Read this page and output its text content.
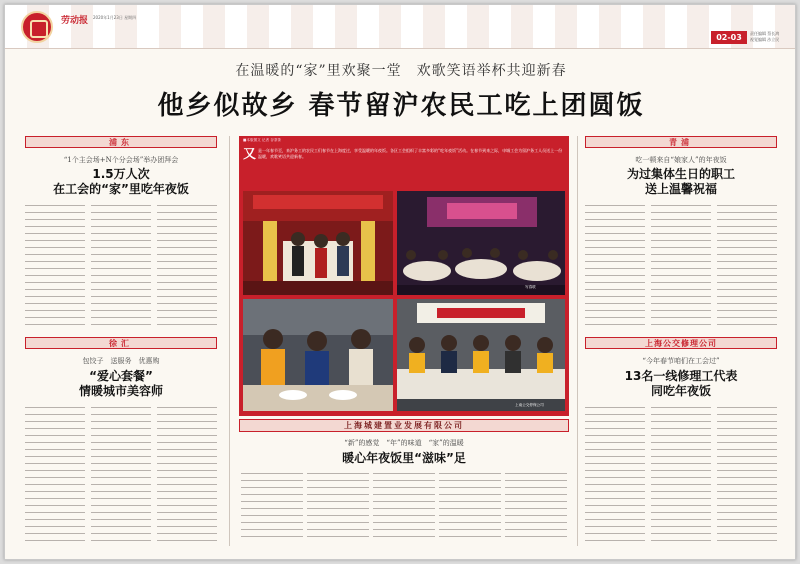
劳动报 2020年1月23日 星期四
02-03	责任编辑 蔡长鸿
视觉编辑 沙立民
在温暖的“家”里欢聚一堂　欢歌笑语举杯共迎新春
他乡似故乡 春节留沪农民工吃上团圆饭
浦东
“1个主会场+N个分会场”举办团拜会
1.5万人次
在工会的“家”里吃年夜饭
徐汇
包饺子　送服务　优惠购
“爱心套餐”
情暖城市美容师
■本版图文 记者 谷茶茶
又 是一年春节至，来沪务工的农民工们春节在上海度过，享受温暖的年夜饭。各区工会组织了丰富多彩的“吃年夜饭”活动。在春节到来之际，申城工会为留沪务工人员送上一份温暖，欢歌笑语共迎新春。
写春联
上南公交停保公司
上海城建置业发展有限公司
“新”的感觉　“年”的味道　“家”的温暖
暖心年夜饭里“滋味”足
青浦
吃一顿来自“娘家人”的年夜饭
为过集体生日的职工
送上温馨祝福
上海公交修理公司
“今年春节咱们在工会过”
13名一线修理工代表
同吃年夜饭
